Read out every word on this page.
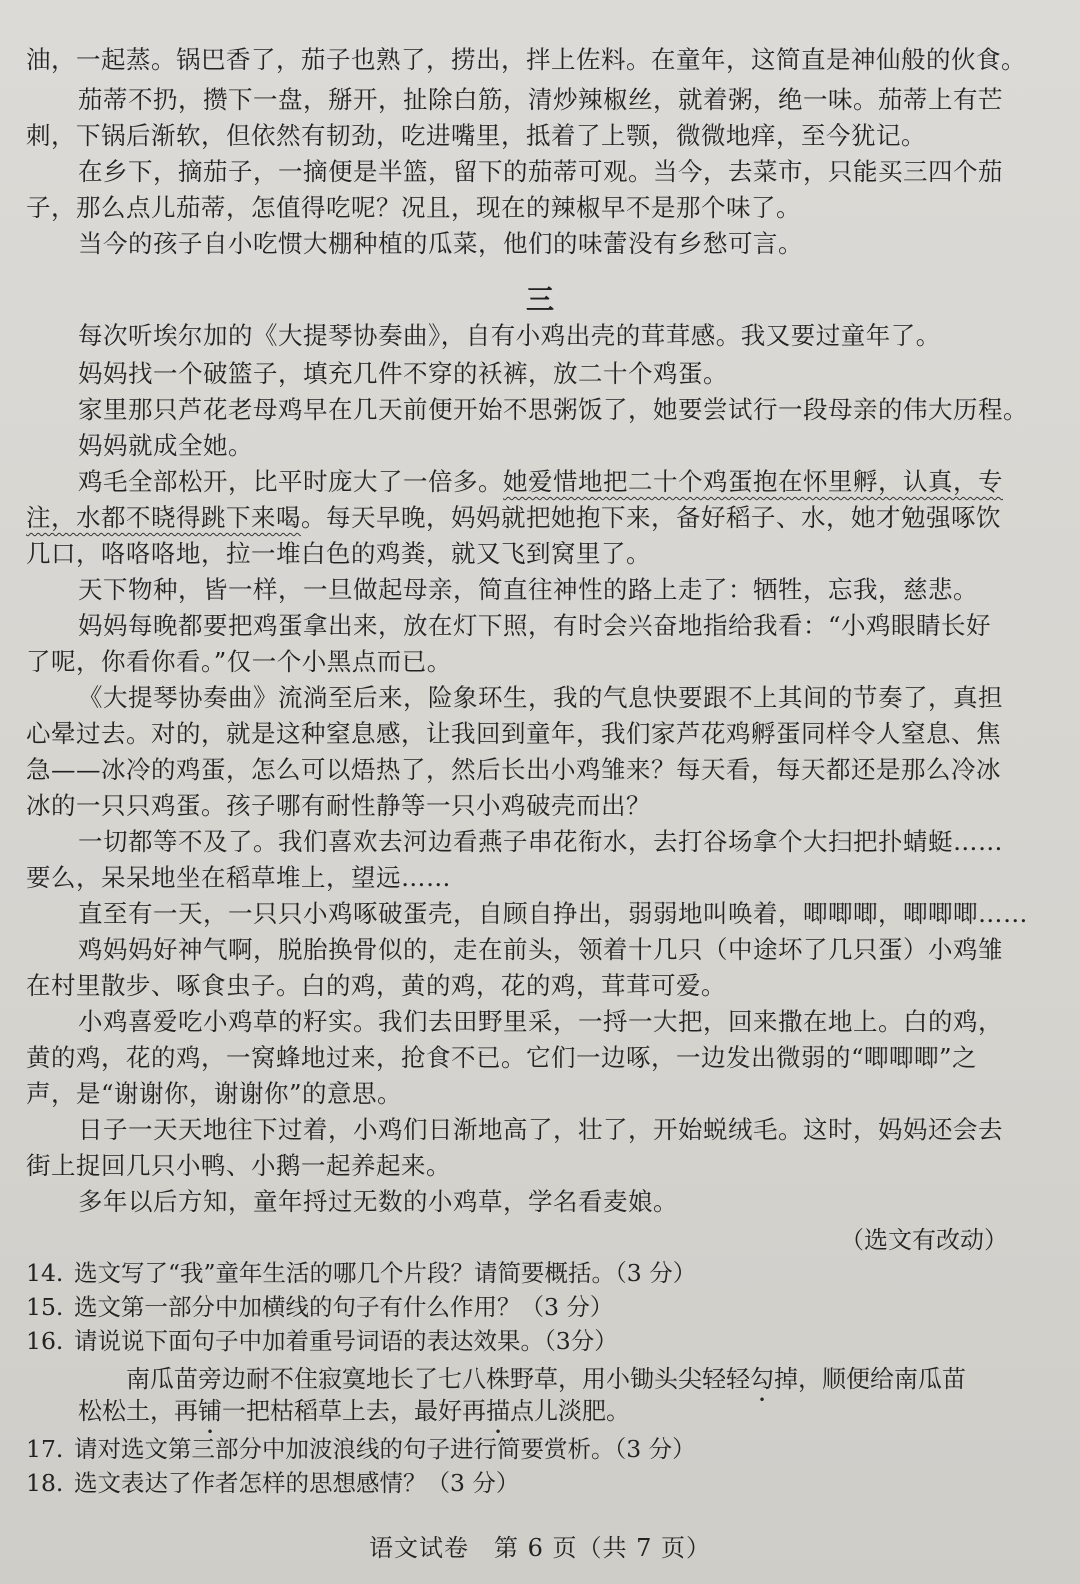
油，一起蒸。锅巴香了，茄子也熟了，捞出，拌上佐料。在童年，这简直是神仙般的伙食。
茄蒂不扔，攒下一盘，掰开，扯除白筋，清炒辣椒丝，就着粥，绝一味。茄蒂上有芒
刺，下锅后渐软，但依然有韧劲，吃进嘴里，抵着了上颚，微微地痒，至今犹记。
在乡下，摘茄子，一摘便是半篮，留下的茄蒂可观。当今，去菜市，只能买三四个茄
子，那么点儿茄蒂，怎值得吃呢？况且，现在的辣椒早不是那个味了。
当今的孩子自小吃惯大棚种植的瓜菜，他们的味蕾没有乡愁可言。
三
每次听埃尔加的《大提琴协奏曲》，自有小鸡出壳的茸茸感。我又要过童年了。
妈妈找一个破篮子，填充几件不穿的袄裤，放二十个鸡蛋。
家里那只芦花老母鸡早在几天前便开始不思粥饭了，她要尝试行一段母亲的伟大历程。
妈妈就成全她。
鸡毛全部松开，比平时庞大了一倍多。她爱惜地把二十个鸡蛋抱在怀里孵，认真，专
注，水都不晓得跳下来喝。每天早晚，妈妈就把她抱下来，备好稻子、水，她才勉强啄饮
几口，咯咯咯地，拉一堆白色的鸡粪，就又飞到窝里了。
天下物种，皆一样，一旦做起母亲，简直往神性的路上走了：牺牲，忘我，慈悲。
妈妈每晚都要把鸡蛋拿出来，放在灯下照，有时会兴奋地指给我看：“小鸡眼睛长好
了呢，你看你看。”仅一个小黑点而已。
《大提琴协奏曲》流淌至后来，险象环生，我的气息快要跟不上其间的节奏了，真担
心晕过去。对的，就是这种窒息感，让我回到童年，我们家芦花鸡孵蛋同样令人窒息、焦
急——冰冷的鸡蛋，怎么可以焐热了，然后长出小鸡雏来？每天看，每天都还是那么冷冰
冰的一只只鸡蛋。孩子哪有耐性静等一只小鸡破壳而出？
一切都等不及了。我们喜欢去河边看燕子串花衔水，去打谷场拿个大扫把扑蜻蜓……
要么，呆呆地坐在稻草堆上，望远……
直至有一天，一只只小鸡啄破蛋壳，自顾自挣出，弱弱地叫唤着，唧唧唧，唧唧唧……
鸡妈妈好神气啊，脱胎换骨似的，走在前头，领着十几只（中途坏了几只蛋）小鸡雏
在村里散步、啄食虫子。白的鸡，黄的鸡，花的鸡，茸茸可爱。
小鸡喜爱吃小鸡草的籽实。我们去田野里采，一捋一大把，回来撒在地上。白的鸡，
黄的鸡，花的鸡，一窝蜂地过来，抢食不已。它们一边啄，一边发出微弱的“唧唧唧”之
声，是“谢谢你，谢谢你”的意思。
日子一天天地往下过着，小鸡们日渐地高了，壮了，开始蜕绒毛。这时，妈妈还会去
街上捉回几只小鸭、小鹅一起养起来。
多年以后方知，童年捋过无数的小鸡草，学名看麦娘。
（选文有改动）
14. 选文写了“我”童年生活的哪几个片段？请简要概括。（3 分）
15. 选文第一部分中加横线的句子有什么作用？（3 分）
16. 请说说下面句子中加着重号词语的表达效果。（3分）
南瓜苗旁边耐不住寂寞地长了七八株野草，用小锄头尖轻轻勾掉，顺便给南瓜苗
松松土，再铺一把枯稻草上去，最好再描点儿淡肥。
17. 请对选文第三部分中加波浪线的句子进行简要赏析。（3 分）
18. 选文表达了作者怎样的思想感情？（3 分）
语文试卷　第 6 页（共 7 页）
